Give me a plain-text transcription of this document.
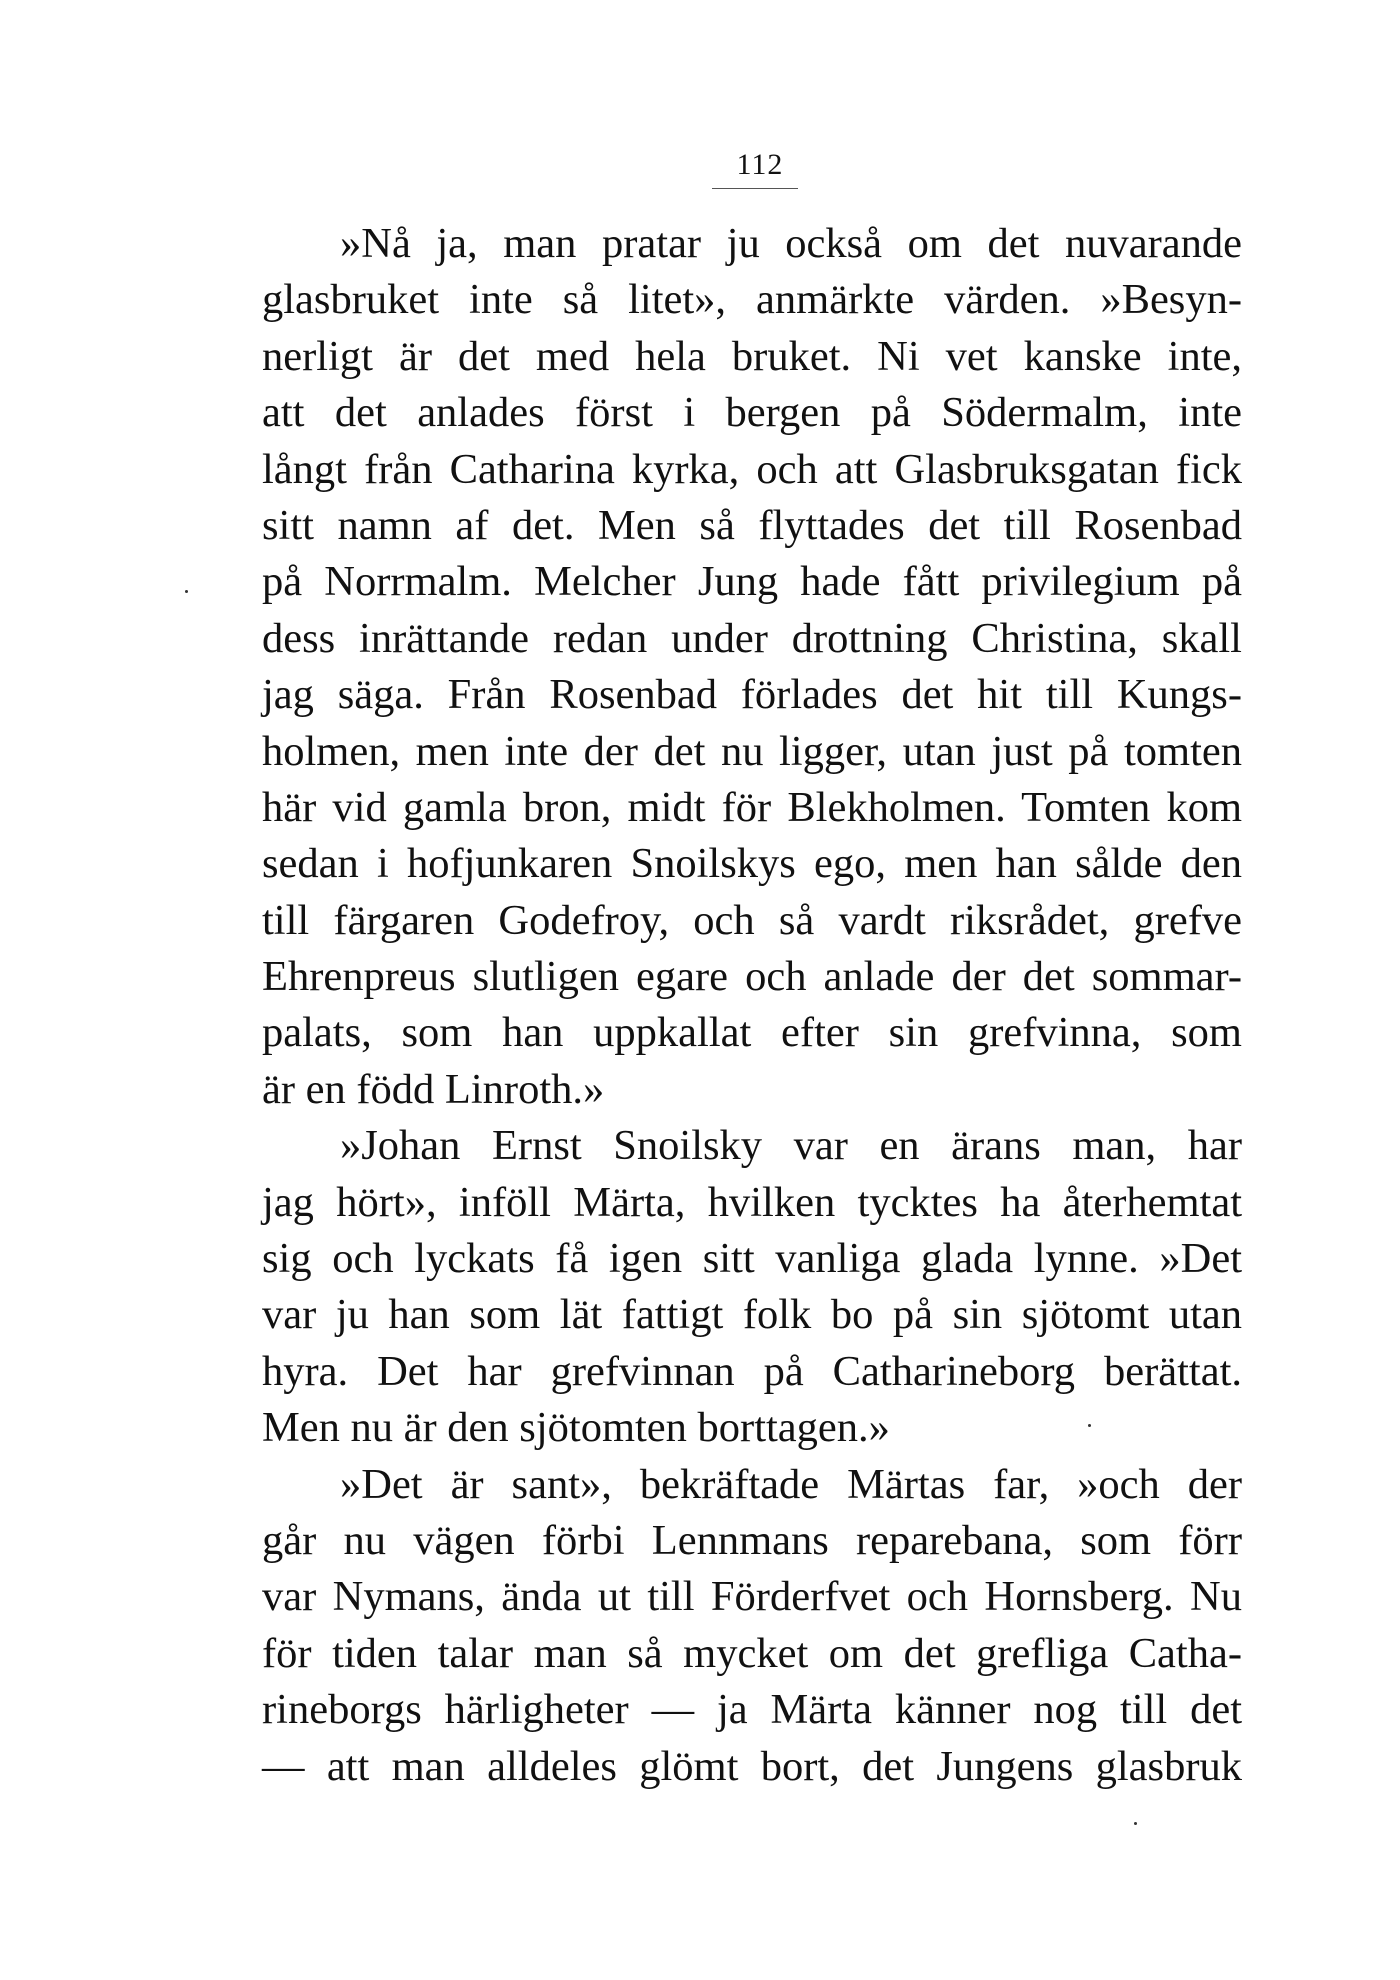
112
»Nå ja, man pratar ju också om det nuvarande
glasbruket inte så litet», anmärkte värden. »Besyn-
nerligt är det med hela bruket. Ni vet kanske inte,
att det anlades först i bergen på Södermalm, inte
långt från Catharina kyrka, och att Glasbruksgatan fick
sitt namn af det. Men så flyttades det till Rosenbad
på Norrmalm. Melcher Jung hade fått privilegium på
dess inrättande redan under drottning Christina, skall
jag säga. Från Rosenbad förlades det hit till Kungs-
holmen, men inte der det nu ligger, utan just på tomten
här vid gamla bron, midt för Blekholmen. Tomten kom
sedan i hofjunkaren Snoilskys ego, men han sålde den
till färgaren Godefroy, och så vardt riksrådet, grefve
Ehrenpreus slutligen egare och anlade der det sommar-
palats, som han uppkallat efter sin grefvinna, som
är en född Linroth.»
»Johan Ernst Snoilsky var en ärans man, har
jag hört», inföll Märta, hvilken tycktes ha återhemtat
sig och lyckats få igen sitt vanliga glada lynne. »Det
var ju han som lät fattigt folk bo på sin sjötomt utan
hyra. Det har grefvinnan på Catharineborg berättat.
Men nu är den sjötomten borttagen.»
»Det är sant», bekräftade Märtas far, »och der
går nu vägen förbi Lennmans reparebana, som förr
var Nymans, ända ut till Förderfvet och Hornsberg. Nu
för tiden talar man så mycket om det grefliga Catha-
rineborgs härligheter — ja Märta känner nog till det
— att man alldeles glömt bort, det Jungens glasbruk
